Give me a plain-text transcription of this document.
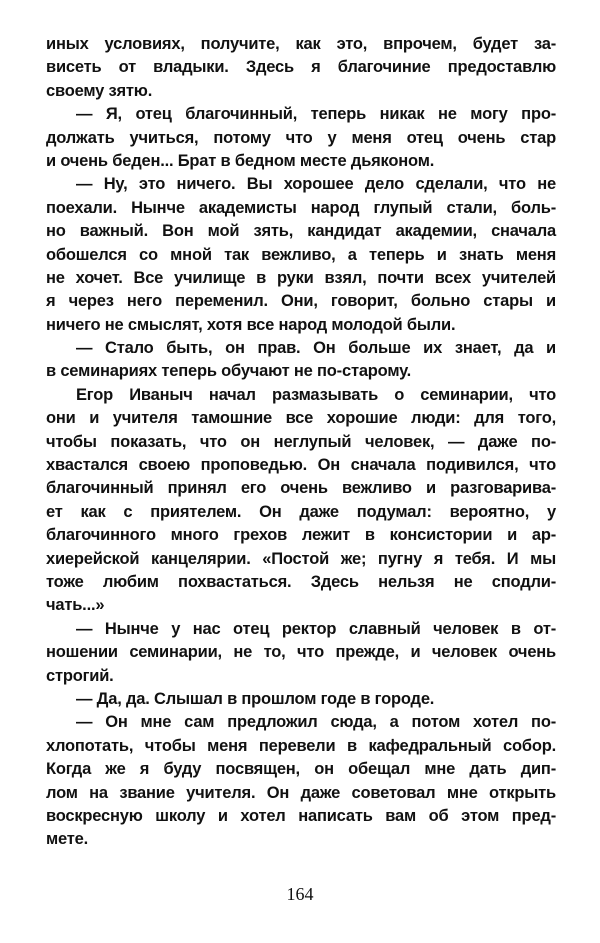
иных условиях, получите, как это, впрочем, будет за-
висеть от владыки. Здесь я благочиние предоставлю
своему зятю.
— Я, отец благочинный, теперь никак не могу про-
должать учиться, потому что у меня отец очень стар
и очень беден... Брат в бедном месте дьяконом.
— Ну, это ничего. Вы хорошее дело сделали, что не
поехали. Нынче академисты народ глупый стали, боль-
но важный. Вон мой зять, кандидат академии, сначала
обошелся со мной так вежливо, а теперь и знать меня
не хочет. Все училище в руки взял, почти всех учителей
я через него переменил. Они, говорит, больно стары и
ничего не смыслят, хотя все народ молодой были.
— Стало быть, он прав. Он больше их знает, да и
в семинариях теперь обучают не по-старому.
Егор Иваныч начал размазывать о семинарии, что
они и учителя тамошние все хорошие люди: для того,
чтобы показать, что он неглупый человек, — даже по-
хвастался своею проповедью. Он сначала подивился, что
благочинный принял его очень вежливо и разговарива-
ет как с приятелем. Он даже подумал: вероятно, у
благочинного много грехов лежит в консистории и ар-
хиерейской канцелярии. «Постой же; пугну я тебя. И мы
тоже любим похвастаться. Здесь нельзя не сподли-
чать...»
— Нынче у нас отец ректор славный человек в от-
ношении семинарии, не то, что прежде, и человек очень
строгий.
— Да, да. Слышал в прошлом годе в городе.
— Он мне сам предложил сюда, а потом хотел по-
хлопотать, чтобы меня перевели в кафедральный собор.
Когда же я буду посвящен, он обещал мне дать дип-
лом на звание учителя. Он даже советовал мне открыть
воскресную школу и хотел написать вам об этом пред-
мете.
164
